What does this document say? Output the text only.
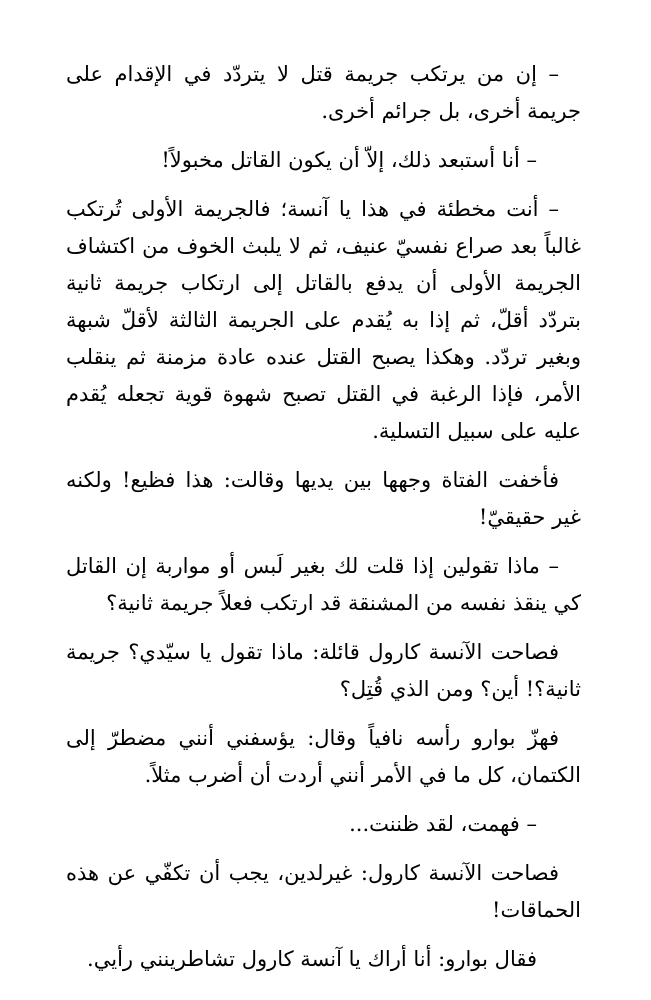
– إن من يرتكب جريمة قتل لا يتردّد في الإقدام على جريمة أخرى، بل جرائم أخرى.

– أنا أستبعد ذلك، إلاّ أن يكون القاتل مخبولاً!

– أنت مخطئة في هذا يا آنسة؛ فالجريمة الأولى تُرتكب غالباً بعد صراع نفسيّ عنيف، ثم لا يلبث الخوف من اكتشاف الجريمة الأولى أن يدفع بالقاتل إلى ارتكاب جريمة ثانية بتردّد أقلّ، ثم إذا به يُقدم على الجريمة الثالثة لأقلّ شبهة وبغير تردّد. وهكذا يصبح القتل عنده عادة مزمنة ثم ينقلب الأمر، فإذا الرغبة في القتل تصبح شهوة قوية تجعله يُقدم عليه على سبيل التسلية.

فأخفت الفتاة وجهها بين يديها وقالت: هذا فظيع! ولكنه غير حقيقيّ!

– ماذا تقولين إذا قلت لك بغير لَبس أو مواربة إن القاتل كي ينقذ نفسه من المشنقة قد ارتكب فعلاً جريمة ثانية؟

فصاحت الآنسة كارول قائلة: ماذا تقول يا سيّدي؟ جريمة ثانية؟! أين؟ ومن الذي قُتِل؟

فهزّ بوارو رأسه نافياً وقال: يؤسفني أنني مضطرّ إلى الكتمان، كل ما في الأمر أنني أردت أن أضرب مثلاً.

– فهمت، لقد ظننت...

فصاحت الآنسة كارول: غيرلدين، يجب أن تكفّي عن هذه الحماقات!

فقال بوارو: أنا أراك يا آنسة كارول تشاطرينني رأيي.
